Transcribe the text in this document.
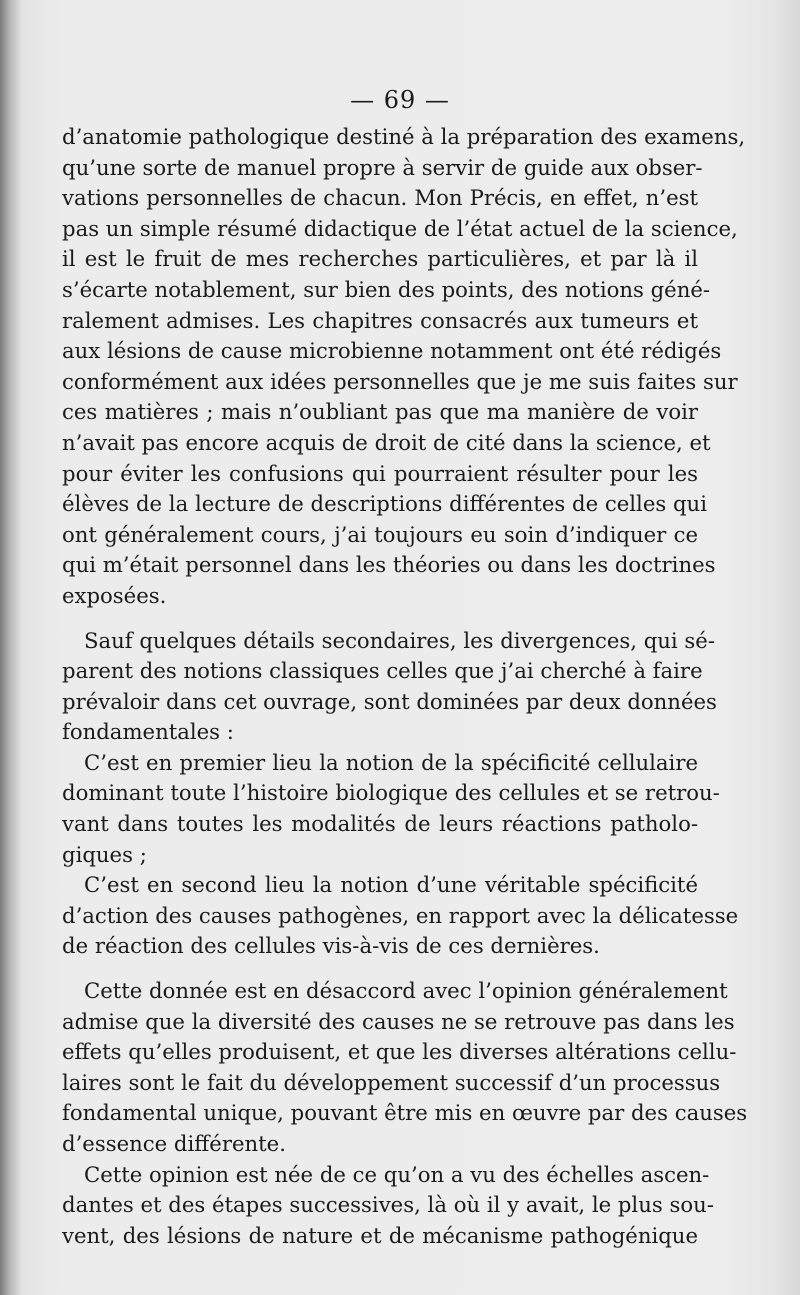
— 69 —
d’anatomie pathologique destiné à la préparation des examens,
qu’une sorte de manuel propre à servir de guide aux obser-
vations personnelles de chacun. Mon Précis, en effet, n’est
pas un simple résumé didactique de l’état actuel de la science,
il est le fruit de mes recherches particulières, et par là il
s’écarte notablement, sur bien des points, des notions géné-
ralement admises. Les chapitres consacrés aux tumeurs et
aux lésions de cause microbienne notamment ont été rédigés
conformément aux idées personnelles que je me suis faites sur
ces matières ; mais n’oubliant pas que ma manière de voir
n’avait pas encore acquis de droit de cité dans la science, et
pour éviter les confusions qui pourraient résulter pour les
élèves de la lecture de descriptions différentes de celles qui
ont généralement cours, j’ai toujours eu soin d’indiquer ce
qui m’était personnel dans les théories ou dans les doctrines
exposées.
Sauf quelques détails secondaires, les divergences, qui sé-
parent des notions classiques celles que j’ai cherché à faire
prévaloir dans cet ouvrage, sont dominées par deux données
fondamentales :
C’est en premier lieu la notion de la spécificité cellulaire
dominant toute l’histoire biologique des cellules et se retrou-
vant dans toutes les modalités de leurs réactions patholo-
giques ;
C’est en second lieu la notion d’une véritable spécificité
d’action des causes pathogènes, en rapport avec la délicatesse
de réaction des cellules vis-à-vis de ces dernières.
Cette donnée est en désaccord avec l’opinion généralement
admise que la diversité des causes ne se retrouve pas dans les
effets qu’elles produisent, et que les diverses altérations cellu-
laires sont le fait du développement successif d’un processus
fondamental unique, pouvant être mis en œuvre par des causes
d’essence différente.
Cette opinion est née de ce qu’on a vu des échelles ascen-
dantes et des étapes successives, là où il y avait, le plus sou-
vent, des lésions de nature et de mécanisme pathogénique
